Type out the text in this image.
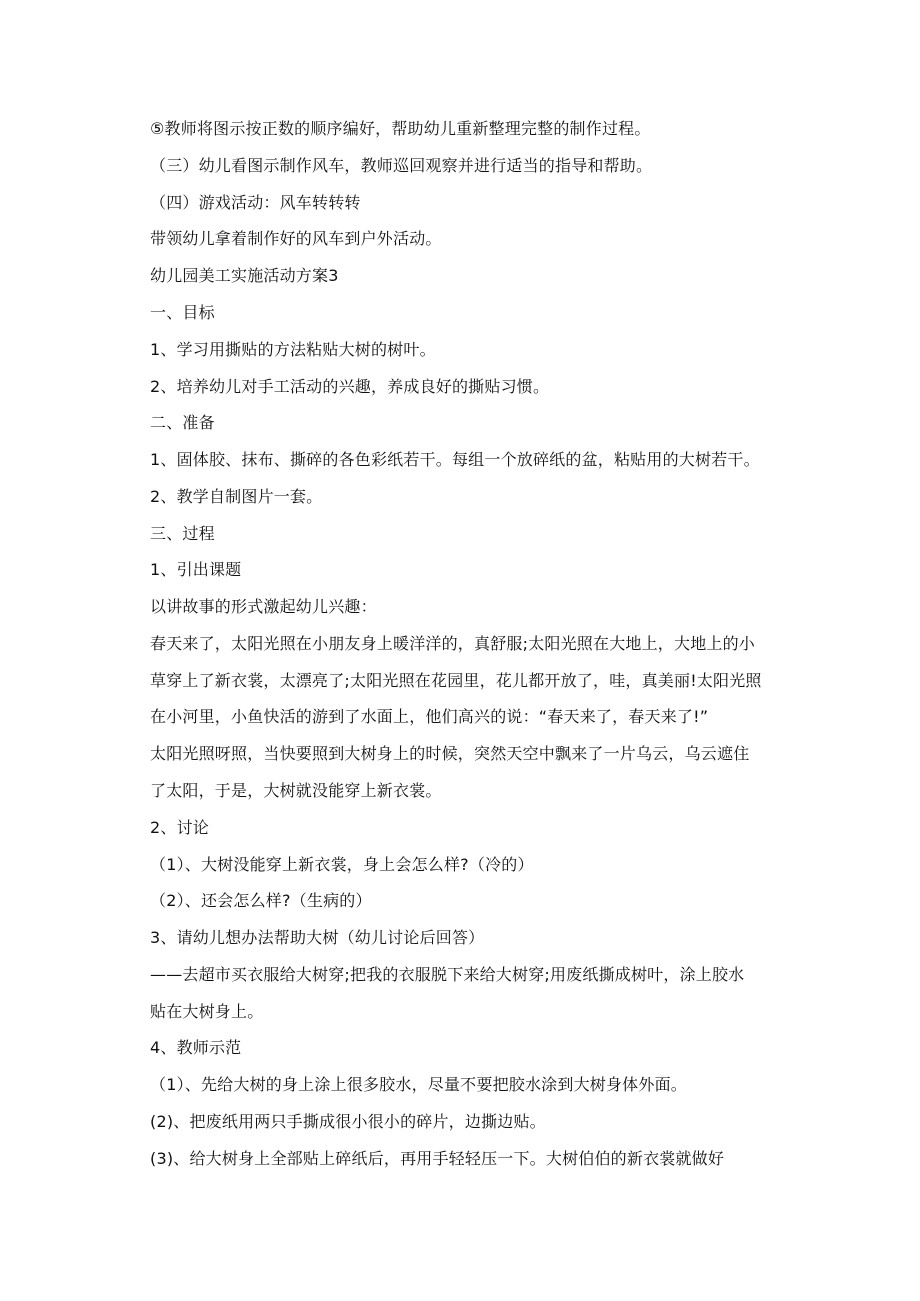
⑤教师将图示按正数的顺序编好，帮助幼儿重新整理完整的制作过程。
（三）幼儿看图示制作风车，教师巡回观察并进行适当的指导和帮助。
（四）游戏活动：风车转转转
带领幼儿拿着制作好的风车到户外活动。
幼儿园美工实施活动方案3
一、目标
1、学习用撕贴的方法粘贴大树的树叶。
2、培养幼儿对手工活动的兴趣，养成良好的撕贴习惯。
二、准备
1、固体胶、抹布、撕碎的各色彩纸若干。每组一个放碎纸的盆，粘贴用的大树若干。
2、教学自制图片一套。
三、过程
1、引出课题
以讲故事的形式激起幼儿兴趣：
春天来了，太阳光照在小朋友身上暖洋洋的，真舒服;太阳光照在大地上，大地上的小
草穿上了新衣裳，太漂亮了;太阳光照在花园里，花儿都开放了，哇，真美丽!太阳光照
在小河里，小鱼快活的游到了水面上，他们高兴的说：“春天来了，春天来了!”
太阳光照呀照，当快要照到大树身上的时候，突然天空中飘来了一片乌云，乌云遮住
了太阳，于是，大树就没能穿上新衣裳。
2、讨论
（1）、大树没能穿上新衣裳，身上会怎么样?（冷的）
（2）、还会怎么样?（生病的）
3、请幼儿想办法帮助大树（幼儿讨论后回答）
——去超市买衣服给大树穿;把我的衣服脱下来给大树穿;用废纸撕成树叶，涂上胶水
贴在大树身上。
4、教师示范
（1）、先给大树的身上涂上很多胶水，尽量不要把胶水涂到大树身体外面。
(2)、把废纸用两只手撕成很小很小的碎片，边撕边贴。
(3)、给大树身上全部贴上碎纸后，再用手轻轻压一下。大树伯伯的新衣裳就做好
